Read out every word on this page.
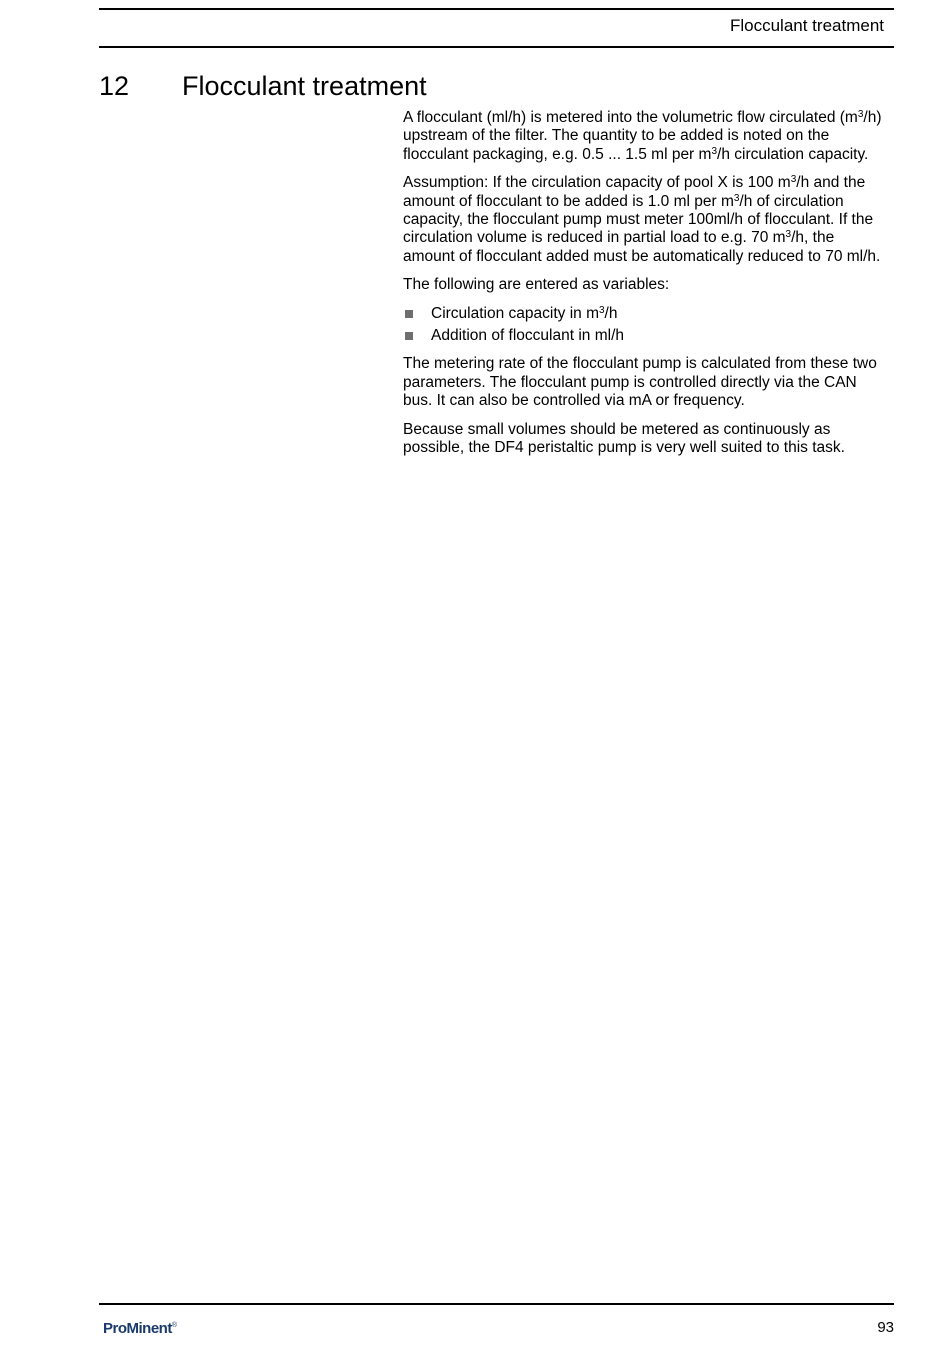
Flocculant treatment
12 Flocculant treatment

A flocculant (ml/h) is metered into the volumetric flow circulated $(m^3/h)$ upstream of the filter. The quantity to be added is noted on the flocculant packaging, e.g. 0.5 ... 1.5 ml per $m^3/h$ circulation capacity.

Assumption: If the circulation capacity of pool X is 100 $m^3/h$ and the amount of flocculant to be added is 1.0 ml per $m^3/h$ of circulation capacity, the flocculant pump must meter 100ml/h of flocculant. If the circulation volume is reduced in partial load to e.g. 70 $m^3/h$, the amount of flocculant added must be automatically reduced to 70 ml/h.

The following are entered as variables:

Circulation capacity in $m^3/h$
Addition of flocculant in ml/h

The metering rate of the flocculant pump is calculated from these two parameters. The flocculant pump is controlled directly via the CAN bus. It can also be controlled via mA or frequency.

Because small volumes should be metered as continuously as possible, the DF4 peristaltic pump is very well suited to this task.

ProMinent®	93
